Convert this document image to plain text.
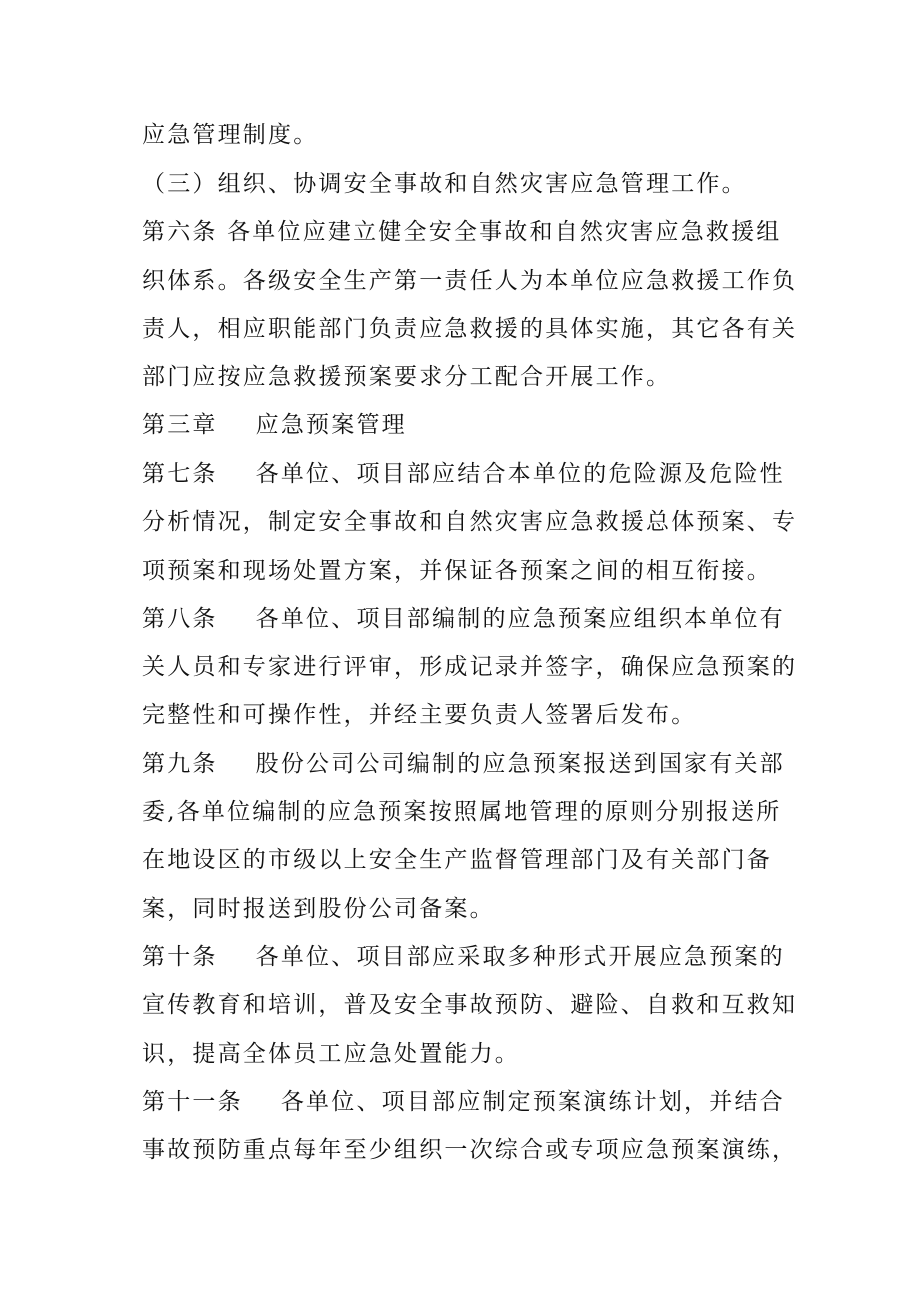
应急管理制度。
（三）组织、协调安全事故和自然灾害应急管理工作。
第六条 各单位应建立健全安全事故和自然灾害应急救援组
织体系。各级安全生产第一责任人为本单位应急救援工作负
责人，相应职能部门负责应急救援的具体实施，其它各有关
部门应按应急救援预案要求分工配合开展工作。
第三章    应急预案管理
第七条    各单位、项目部应结合本单位的危险源及危险性
分析情况，制定安全事故和自然灾害应急救援总体预案、专
项预案和现场处置方案，并保证各预案之间的相互衔接。
第八条    各单位、项目部编制的应急预案应组织本单位有
关人员和专家进行评审，形成记录并签字，确保应急预案的
完整性和可操作性，并经主要负责人签署后发布。
第九条    股份公司公司编制的应急预案报送到国家有关部
委,各单位编制的应急预案按照属地管理的原则分别报送所
在地设区的市级以上安全生产监督管理部门及有关部门备
案，同时报送到股份公司备案。
第十条    各单位、项目部应采取多种形式开展应急预案的
宣传教育和培训，普及安全事故预防、避险、自救和互救知
识，提高全体员工应急处置能力。
第十一条    各单位、项目部应制定预案演练计划，并结合
事故预防重点每年至少组织一次综合或专项应急预案演练，
